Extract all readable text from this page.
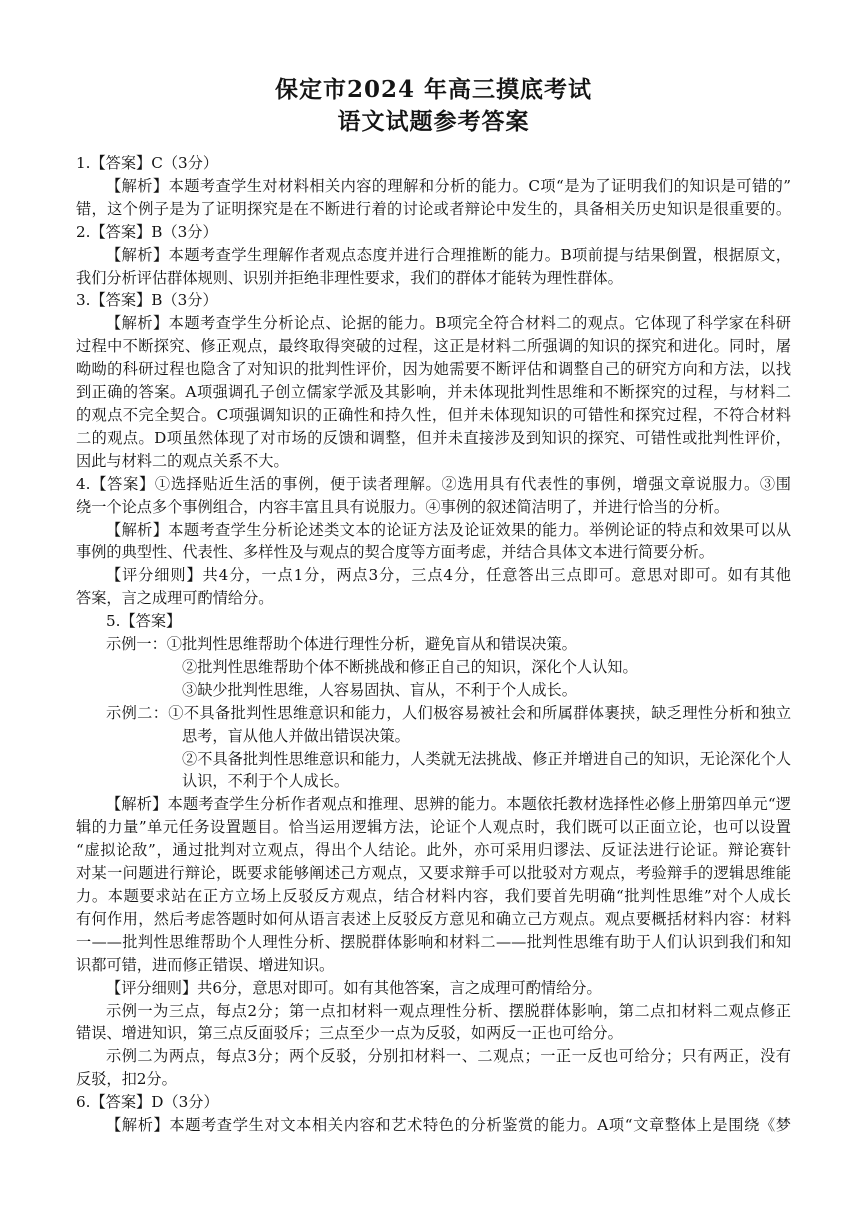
保定市2024 年高三摸底考试
语文试题参考答案
1.【答案】C（3分）
【解析】本题考查学生对材料相关内容的理解和分析的能力。C项“是为了证明我们的知识是可错的”
错，这个例子是为了证明探究是在不断进行着的讨论或者辩论中发生的，具备相关历史知识是很重要的。
2.【答案】B（3分）
【解析】本题考查学生理解作者观点态度并进行合理推断的能力。B项前提与结果倒置，根据原文，
我们分析评估群体规则、识别并拒绝非理性要求，我们的群体才能转为理性群体。
3.【答案】B（3分）
【解析】本题考查学生分析论点、论据的能力。B项完全符合材料二的观点。它体现了科学家在科研
过程中不断探究、修正观点，最终取得突破的过程，这正是材料二所强调的知识的探究和进化。同时，屠
呦呦的科研过程也隐含了对知识的批判性评价，因为她需要不断评估和调整自己的研究方向和方法，以找
到正确的答案。A项强调孔子创立儒家学派及其影响，并未体现批判性思维和不断探究的过程，与材料二
的观点不完全契合。C项强调知识的正确性和持久性，但并未体现知识的可错性和探究过程，不符合材料
二的观点。D项虽然体现了对市场的反馈和调整，但并未直接涉及到知识的探究、可错性或批判性评价，
因此与材料二的观点关系不大。
4.【答案】①选择贴近生活的事例，便于读者理解。②选用具有代表性的事例，增强文章说服力。③围
绕一个论点多个事例组合，内容丰富且具有说服力。④事例的叙述简洁明了，并进行恰当的分析。
【解析】本题考查学生分析论述类文本的论证方法及论证效果的能力。举例论证的特点和效果可以从
事例的典型性、代表性、多样性及与观点的契合度等方面考虑，并结合具体文本进行简要分析。
【评分细则】共4分，一点1分，两点3分，三点4分，任意答出三点即可。意思对即可。如有其他
答案，言之成理可酌情给分。
5.【答案】
示例一：①批判性思维帮助个体进行理性分析，避免盲从和错误决策。
②批判性思维帮助个体不断挑战和修正自己的知识，深化个人认知。
③缺少批判性思维，人容易固执、盲从，不利于个人成长。
示例二：①不具备批判性思维意识和能力，人们极容易被社会和所属群体裹挟，缺乏理性分析和独立
思考，盲从他人并做出错误决策。
②不具备批判性思维意识和能力，人类就无法挑战、修正并增进自己的知识，无论深化个人
认识，不利于个人成长。
【解析】本题考查学生分析作者观点和推理、思辨的能力。本题依托教材选择性必修上册第四单元“逻
辑的力量”单元任务设置题目。恰当运用逻辑方法，论证个人观点时，我们既可以正面立论，也可以设置
“虚拟论敌”，通过批判对立观点，得出个人结论。此外，亦可采用归谬法、反证法进行论证。辩论赛针
对某一问题进行辩论，既要求能够阐述己方观点，又要求辩手可以批驳对方观点，考验辩手的逻辑思维能
力。本题要求站在正方立场上反驳反方观点，结合材料内容，我们要首先明确“批判性思维”对个人成长
有何作用，然后考虑答题时如何从语言表述上反驳反方意见和确立己方观点。观点要概括材料内容：材料
一——批判性思维帮助个人理性分析、摆脱群体影响和材料二——批判性思维有助于人们认识到我们和知
识都可错，进而修正错误、增进知识。
【评分细则】共6分，意思对即可。如有其他答案，言之成理可酌情给分。
示例一为三点，每点2分；第一点扣材料一观点理性分析、摆脱群体影响，第二点扣材料二观点修正
错误、增进知识，第三点反面驳斥；三点至少一点为反驳，如两反一正也可给分。
示例二为两点，每点3分；两个反驳，分别扣材料一、二观点；一正一反也可给分；只有两正，没有
反驳，扣2分。
6.【答案】D（3分）
【解析】本题考查学生对文本相关内容和艺术特色的分析鉴赏的能力。A项“文章整体上是围绕《梦
